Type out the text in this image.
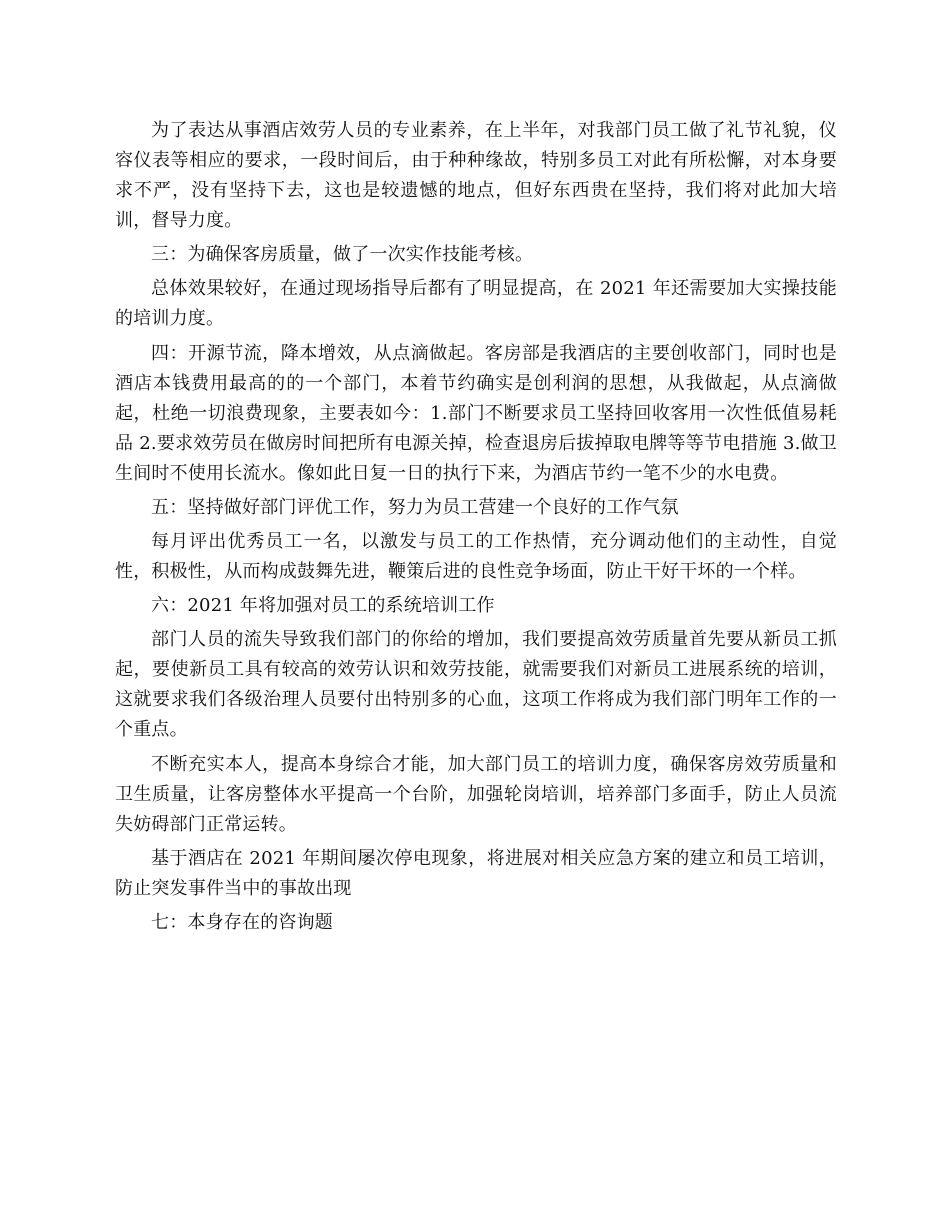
为了表达从事酒店效劳人员的专业素养，在上半年，对我部门员工做了礼节礼貌，仪容仪表等相应的要求，一段时间后，由于种种缘故，特别多员工对此有所松懈，对本身要求不严，没有坚持下去，这也是较遗憾的地点，但好东西贵在坚持，我们将对此加大培训，督导力度。

三：为确保客房质量，做了一次实作技能考核。

总体效果较好，在通过现场指导后都有了明显提高，在 2021 年还需要加大实操技能的培训力度。

四：开源节流，降本增效，从点滴做起。客房部是我酒店的主要创收部门，同时也是酒店本钱费用最高的的一个部门，本着节约确实是创利润的思想，从我做起，从点滴做起，杜绝一切浪费现象，主要表如今：1.部门不断要求员工坚持回收客用一次性低值易耗品 2.要求效劳员在做房时间把所有电源关掉，检查退房后拔掉取电牌等等节电措施 3.做卫生间时不使用长流水。像如此日复一日的执行下来，为酒店节约一笔不少的水电费。

五：坚持做好部门评优工作，努力为员工营建一个良好的工作气氛

每月评出优秀员工一名，以激发与员工的工作热情，充分调动他们的主动性，自觉性，积极性，从而构成鼓舞先进，鞭策后进的良性竞争场面，防止干好干坏的一个样。

六：2021 年将加强对员工的系统培训工作

部门人员的流失导致我们部门的你给的增加，我们要提高效劳质量首先要从新员工抓起，要使新员工具有较高的效劳认识和效劳技能，就需要我们对新员工进展系统的培训，这就要求我们各级治理人员要付出特别多的心血，这项工作将成为我们部门明年工作的一个重点。

不断充实本人，提高本身综合才能，加大部门员工的培训力度，确保客房效劳质量和卫生质量，让客房整体水平提高一个台阶，加强轮岗培训，培养部门多面手，防止人员流失妨碍部门正常运转。

基于酒店在 2021 年期间屡次停电现象，将进展对相关应急方案的建立和员工培训，防止突发事件当中的事故出现

七：本身存在的咨询题
